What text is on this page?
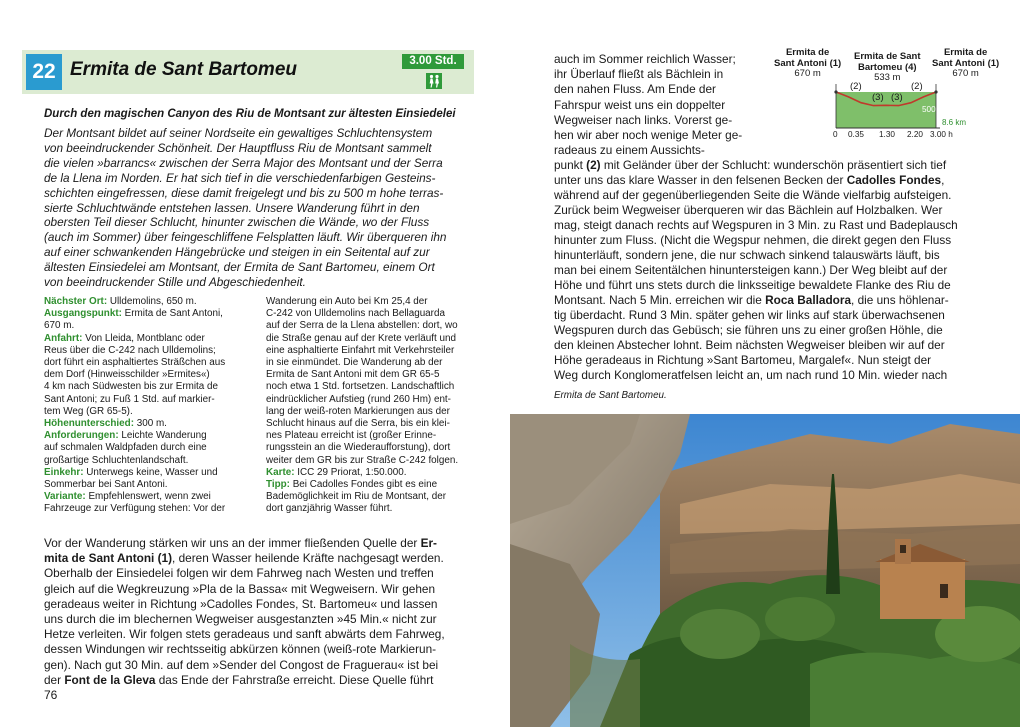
22 Ermita de Sant Bartomeu	3.00 Std.
Durch den magischen Canyon des Riu de Montsant zur ältesten Einsiedelei
Der Montsant bildet auf seiner Nordseite ein gewaltiges Schluchtensystem
von beeindruckender Schönheit. Der Hauptfluss Riu de Montsant sammelt
die vielen »barrancs« zwischen der Serra Major des Montsant und der Serra
de la Llena im Norden. Er hat sich tief in die verschiedenfarbigen Gesteins-
schichten eingefressen, diese damit freigelegt und bis zu 500 m hohe terras-
sierte Schluchtwände entstehen lassen. Unsere Wanderung führt in den
obersten Teil dieser Schlucht, hinunter zwischen die Wände, wo der Fluss
(auch im Sommer) über feingeschliffene Felsplatten läuft. Wir überqueren ihn
auf einer schwankenden Hängebrücke und steigen in ein Seitental auf zur
ältesten Einsiedelei am Montsant, der Ermita de Sant Bartomeu, einem Ort
von beeindruckender Stille und Abgeschiedenheit.
Nächster Ort: Ulldemolins, 650 m.
Ausgangspunkt: Ermita de Sant Antoni,
670 m.
Anfahrt: Von Lleida, Montblanc oder
Reus über die C-242 nach Ulldemolins;
dort führt ein asphaltiertes Sträßchen aus
dem Dorf (Hinweisschilder »Ermites«)
4 km nach Südwesten bis zur Ermita de
Sant Antoni; zu Fuß 1 Std. auf markier-
tem Weg (GR 65-5).
Höhenunterschied: 300 m.
Anforderungen: Leichte Wanderung
auf schmalen Waldpfaden durch eine
großartige Schluchtenlandschaft.
Einkehr: Unterwegs keine, Wasser und
Sommerbar bei Sant Antoni.
Variante: Empfehlenswert, wenn zwei
Fahrzeuge zur Verfügung stehen: Vor der
Wanderung ein Auto bei Km 25,4 der
C-242 von Ulldemolins nach Bellaguarda
auf der Serra de la Llena abstellen: dort, wo
die Straße genau auf der Krete verläuft und
eine asphaltierte Einfahrt mit Verkehrsteiler
in sie einmündet. Die Wanderung ab der
Ermita de Sant Antoni mit dem GR 65-5
noch etwa 1 Std. fortsetzen. Landschaftlich
eindrücklicher Aufstieg (rund 260 Hm) ent-
lang der weiß-roten Markierungen aus der
Schlucht hinaus auf die Serra, bis ein klei-
nes Plateau erreicht ist (großer Erinne-
rungsstein an die Wiederaufforstung), dort
weiter dem GR bis zur Straße C-242 folgen.
Karte: ICC 29 Priorat, 1:50.000.
Tipp: Bei Cadolles Fondes gibt es eine
Bademöglichkeit im Riu de Montsant, der
dort ganzjährig Wasser führt.
Vor der Wanderung stärken wir uns an der immer fließenden Quelle der Er-
mita de Sant Antoni (1), deren Wasser heilende Kräfte nachgesagt werden.
Oberhalb der Einsiedelei folgen wir dem Fahrweg nach Westen und treffen
gleich auf die Wegkreuzung »Pla de la Bassa« mit Wegweisern. Wir gehen
geradeaus weiter in Richtung »Cadolles Fondes, St. Bartomeu« und lassen
uns durch die im blechernen Wegweiser ausgestanzten »45 Min.« nicht zur
Hetze verleiten. Wir folgen stets geradeaus und sanft abwärts dem Fahrweg,
dessen Windungen wir rechtsseitig abkürzen können (weiß-rote Markierun-
gen). Nach gut 30 Min. auf dem »Sender del Congost de Fraguerau« ist bei
der Font de la Gleva das Ende der Fahrstraße erreicht. Diese Quelle führt
76
auch im Sommer reichlich Wasser;
ihr Überlauf fließt als Bächlein in
den nahen Fluss. Am Ende der
Fahrspur weist uns ein doppelter
Wegweiser nach links. Vorerst ge-
hen wir aber noch wenige Meter ge-
radeaus zu einem Aussichts-
punkt (2) mit Geländer über der Schlucht: wunderschön präsentiert sich tief
unter uns das klare Wasser in den felsenen Becken der Cadolles Fondes,
während auf der gegenüberliegenden Seite die Wände vielfarbig aufsteigen.
Zurück beim Wegweiser überqueren wir das Bächlein auf Holzbalken. Wer
mag, steigt danach rechts auf Wegspuren in 3 Min. zu Rast und Badeplausch
hinunter zum Fluss. (Nicht die Wegspur nehmen, die direkt gegen den Fluss
hinunterläuft, sondern jene, die nur schwach sinkend talauswärts läuft, bis
man bei einem Seitentälchen hinuntersteigen kann.) Der Weg bleibt auf der
Höhe und führt uns stets durch die linksseitige bewaldete Flanke des Riu de
Montsant. Nach 5 Min. erreichen wir die Roca Balladora, die uns höhlenar-
tig überdacht. Rund 3 Min. später gehen wir links auf stark überwachsenen
Wegspuren durch das Gebüsch; sie führen uns zu einer großen Höhle, die
den kleinen Abstecher lohnt. Beim nächsten Wegweiser bleiben wir auf der
Höhe geradeaus in Richtung »Sant Bartomeu, Margalef«. Nun steigt der
Weg durch Konglomeratfelsen leicht an, um nach rund 10 Min. wieder nach
Ermita de
Sant Antoni (1)
670 m
Ermita de Sant
Bartomeu (4)
533 m
Ermita de
Sant Antoni (1)
670 m
(2)
(3) (3)
(2)
500
8.6 km
0 0.35 1.30 2.20 3.00 h
Ermita de Sant Bartomeu.
